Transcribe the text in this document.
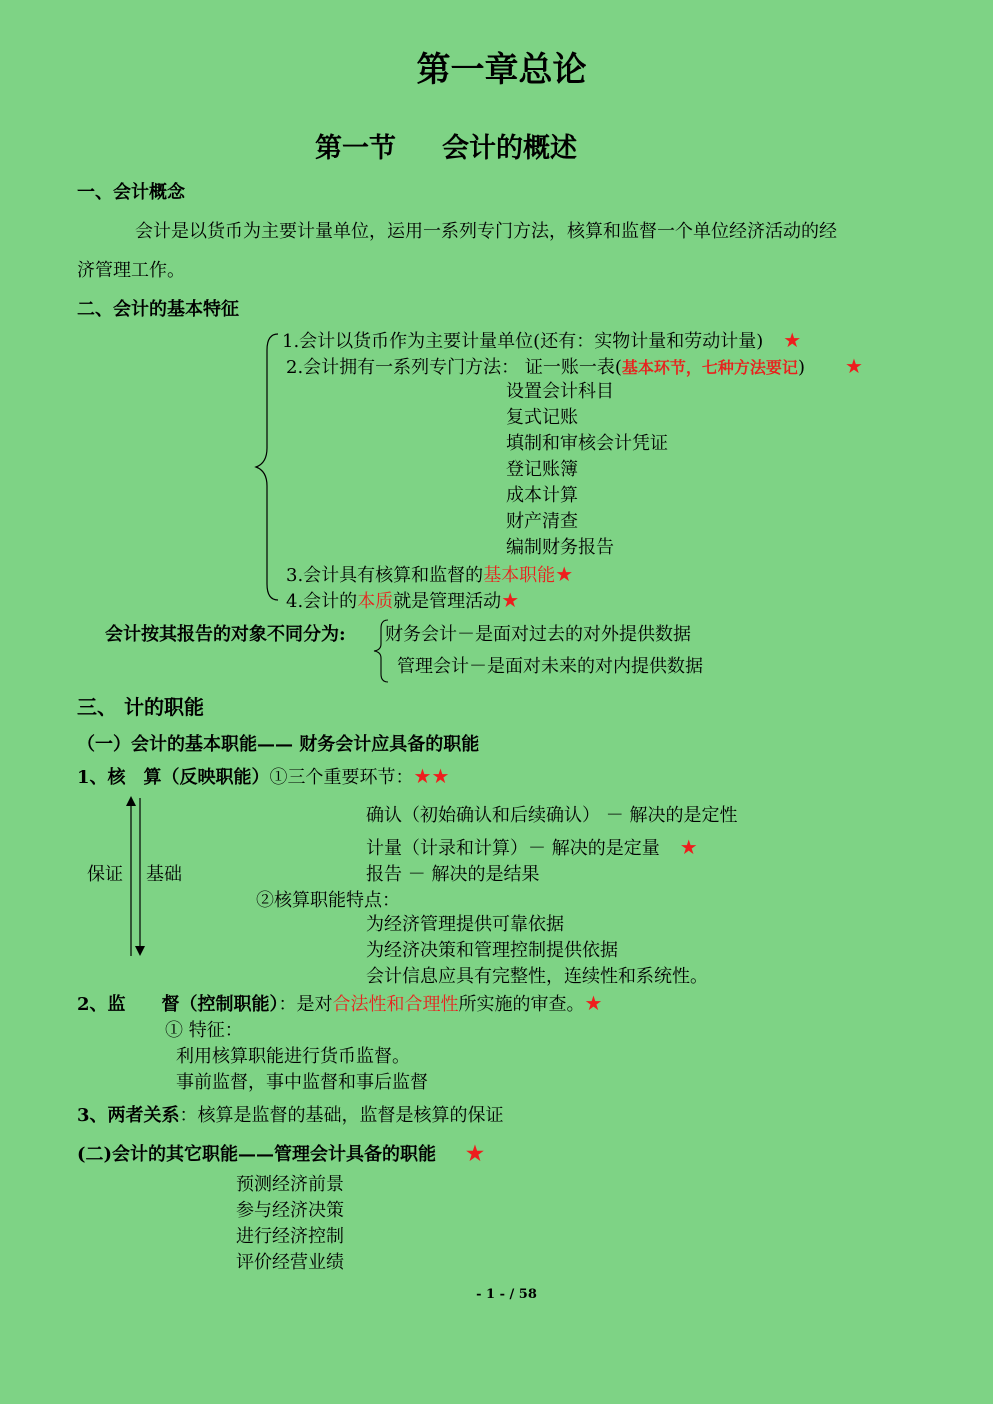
第一章总论
第一节 会计的概述
一、会计概念
会计是以货币为主要计量单位，运用一系列专门方法，核算和监督一个单位经济活动的经
济管理工作。
二、会计的基本特征
1.会计以货币作为主要计量单位(还有：实物计量和劳动计量) ★
2.会计拥有一系列专门方法： 证一账一表(基本环节，七种方法要记) ★
设置会计科目
复式记账
填制和审核会计凭证
登记账簿
成本计算
财产清查
编制财务报告
3.会计具有核算和监督的基本职能★
4.会计的本质就是管理活动★
会计按其报告的对象不同分为: 财务会计－是面对过去的对外提供数据
管理会计－是面对未来的对内提供数据
三、 计的职能
（一）会计的基本职能—— 财务会计应具备的职能
1、核　算（反映职能）①三个重要环节：★★
保证 基础
确认（初始确认和后续确认） － 解决的是定性
计量（计录和计算）－ 解决的是定量 ★
报告 － 解决的是结果
②核算职能特点：
为经济管理提供可靠依据
为经济决策和管理控制提供依据
会计信息应具有完整性，连续性和系统性。
2、监　　督（控制职能）：是对合法性和合理性所实施的审查。★
① 特征：
利用核算职能进行货币监督。
事前监督，事中监督和事后监督
3、两者关系：核算是监督的基础，监督是核算的保证
(二)会计的其它职能——管理会计具备的职能 ★
预测经济前景
参与经济决策
进行经济控制
评价经营业绩
- 1 - / 58
